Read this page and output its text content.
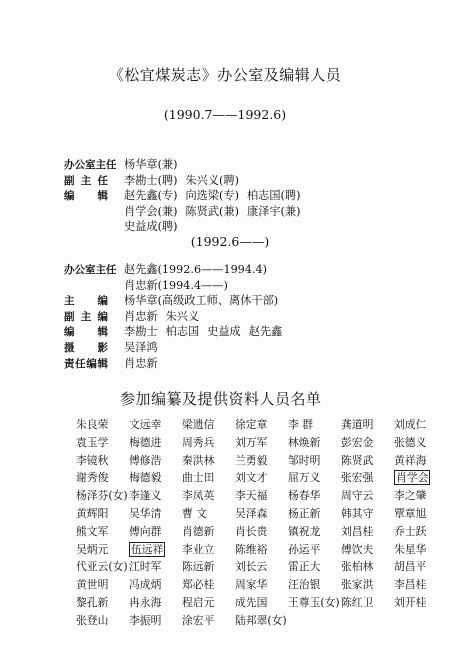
《松宜煤炭志》办公室及编辑人员
(1990.7——1992.6)
办公室主任 杨华章(兼)
副主任 李勘士(聘) 朱兴义(聘)
编辑 赵先鑫(专) 向选梁(专) 柏志国(聘)
肖学会(兼) 陈贤武(兼) 康泽宇(兼)
史益成(聘)
(1992.6——)
办公室主任 赵先鑫(1992.6——1994.4)
肖忠新(1994.4——)
主编 杨华章(高级政工师、离休干部)
副主编 肖忠新 朱兴义
编辑 李勘士 柏志国 史益成 赵先鑫
摄影 吴泽鸿
责任编辑 肖忠新
参加编纂及提供资料人员名单
朱良荣	文远幸	梁遗信	徐定章	李 群	龚道明	刘成仁
袁玉学	梅德进	周秀兵	刘万军	林焕新	彭宏金	张德义
李镜秋	傅修浩	秦洪林	兰勇毅	邹时明	陈贤武	黄祥海
谢秀俊	梅德毅	曲士田	刘文才	屈万义	张宏强	肖学会
杨泽芬(女) 李逢义	李凤英	李天福	杨春华	周守云	李之肇
黄辉阳	吴华清	曹 文	吴泽森	杨正新	韩其守	覃章旭
熊文军	傅向群	肖德新	肖长贵	镇祝龙	刘昌桂	乔士跃
吴炳元	伍远祥	李业立	陈维裕	孙运平	傅饮夫	朱星华
代亚云(女) 江时军	陈远新	刘长云	雷正大	张柏林	胡昌平
黄世明	冯成炳	郑必桂	周家华	汪治银	张家洪	李昌桂
黎孔新	冉永海	程启元	成先国	王尊玉(女) 陈红卫	刘开桂
张登山	李振明	涂宏平	陆邦翠(女)
